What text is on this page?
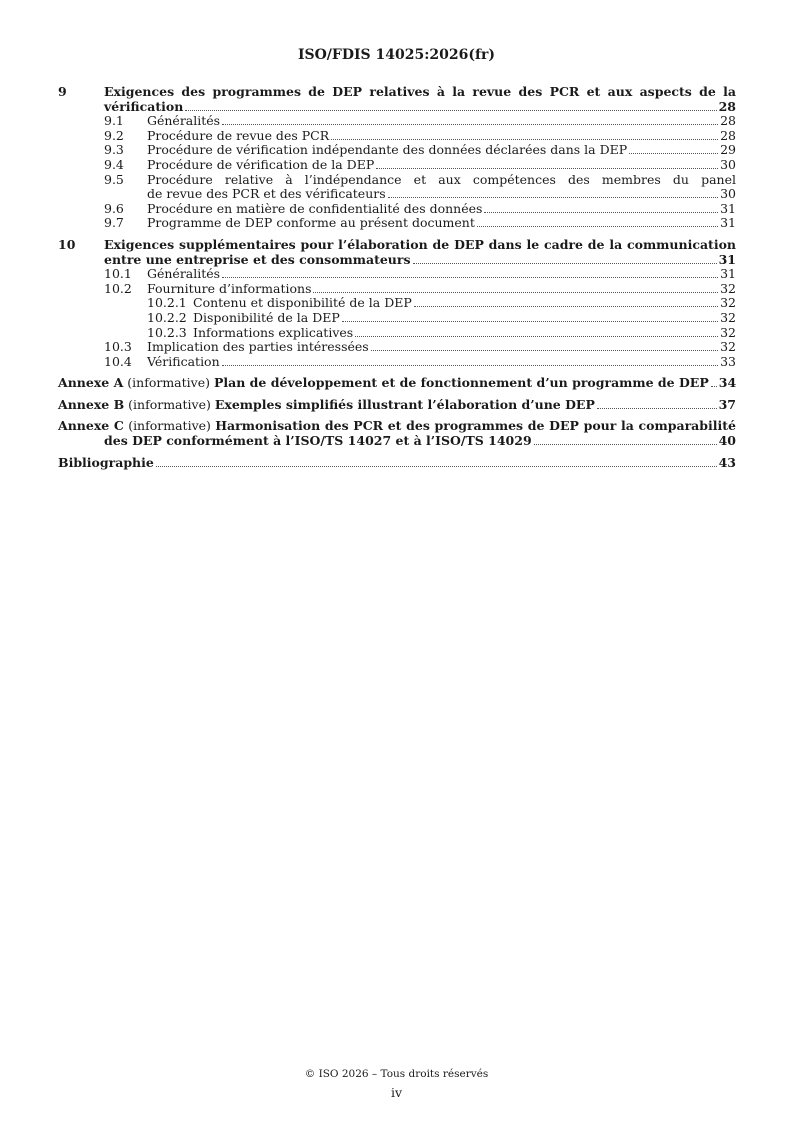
ISO/FDIS 14025:2026(fr)
9	Exigences des programmes de DEP relatives à la revue des PCR et aux aspects de la
vérification	28
9.1 Généralités	28
9.2 Procédure de revue des PCR	28
9.3 Procédure de vérification indépendante des données déclarées dans la DEP	29
9.4 Procédure de vérification de la DEP	30
9.5 Procédure relative à l’indépendance et aux compétences des membres du panel
de revue des PCR et des vérificateurs	30
9.6 Procédure en matière de confidentialité des données	31
9.7 Programme de DEP conforme au présent document	31
10	Exigences supplémentaires pour l’élaboration de DEP dans le cadre de la communication
entre une entreprise et des consommateurs	31
10.1 Généralités	31
10.2 Fourniture d’informations	32
10.2.1 Contenu et disponibilité de la DEP	32
10.2.2 Disponibilité de la DEP	32
10.2.3 Informations explicatives	32
10.3 Implication des parties intéressées	32
10.4 Vérification	33
Annexe A (informative) Plan de développement et de fonctionnement d’un programme de DEP 34
Annexe B (informative) Exemples simplifiés illustrant l’élaboration d’une DEP	37
Annexe C (informative) Harmonisation des PCR et des programmes de DEP pour la comparabilité
des DEP conformément à l’ISO/TS 14027 et à l’ISO/TS 14029	40
Bibliographie	43
© ISO 2026 – Tous droits réservés
iv
